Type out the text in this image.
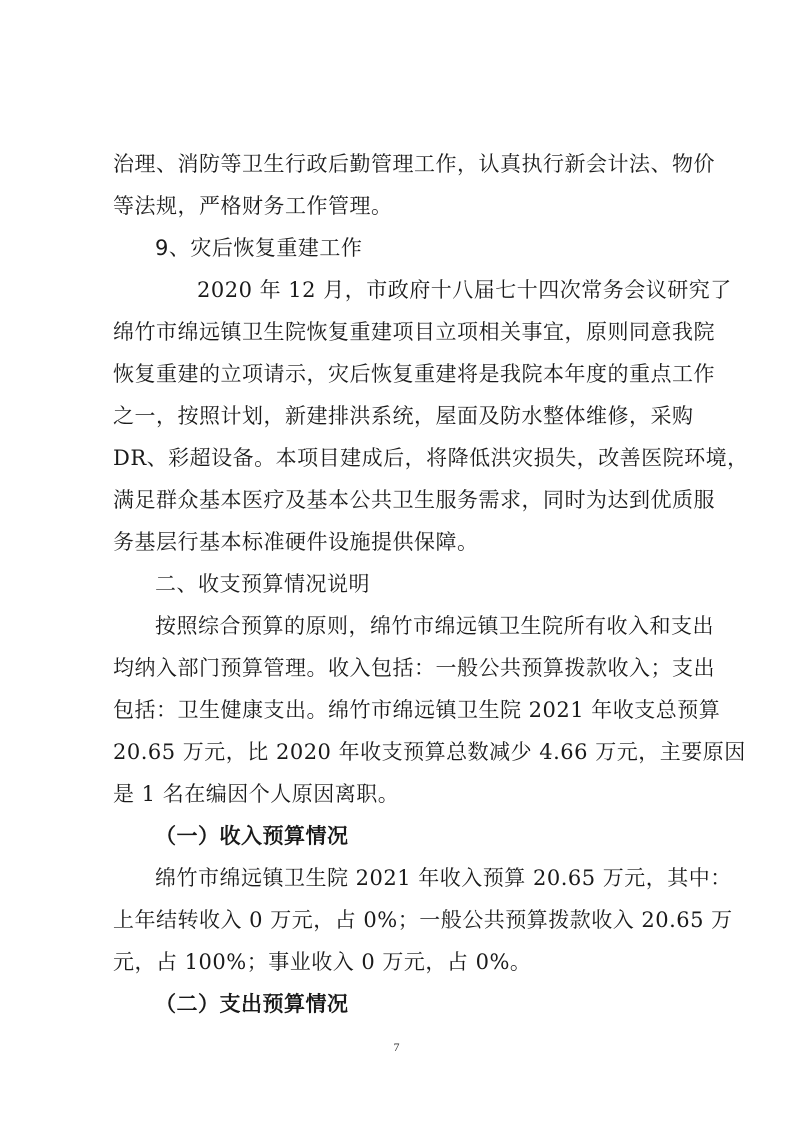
治理、消防等卫生行政后勤管理工作，认真执行新会计法、物价
等法规，严格财务工作管理。
9、灾后恢复重建工作
2020 年 12 月，市政府十八届七十四次常务会议研究了
绵竹市绵远镇卫生院恢复重建项目立项相关事宜，原则同意我院
恢复重建的立项请示，灾后恢复重建将是我院本年度的重点工作
之一，按照计划，新建排洪系统，屋面及防水整体维修，采购
DR、彩超设备。本项目建成后，将降低洪灾损失，改善医院环境，
满足群众基本医疗及基本公共卫生服务需求，同时为达到优质服
务基层行基本标准硬件设施提供保障。
二、收支预算情况说明
按照综合预算的原则，绵竹市绵远镇卫生院所有收入和支出
均纳入部门预算管理。收入包括：一般公共预算拨款收入；支出
包括：卫生健康支出。绵竹市绵远镇卫生院 2021 年收支总预算
20.65 万元，比 2020 年收支预算总数减少 4.66 万元，主要原因
是 1 名在编因个人原因离职。
（一）收入预算情况
绵竹市绵远镇卫生院 2021 年收入预算 20.65 万元，其中：
上年结转收入 0 万元，占 0%；一般公共预算拨款收入 20.65 万
元，占 100%；事业收入 0 万元，占 0%。
（二）支出预算情况
7
